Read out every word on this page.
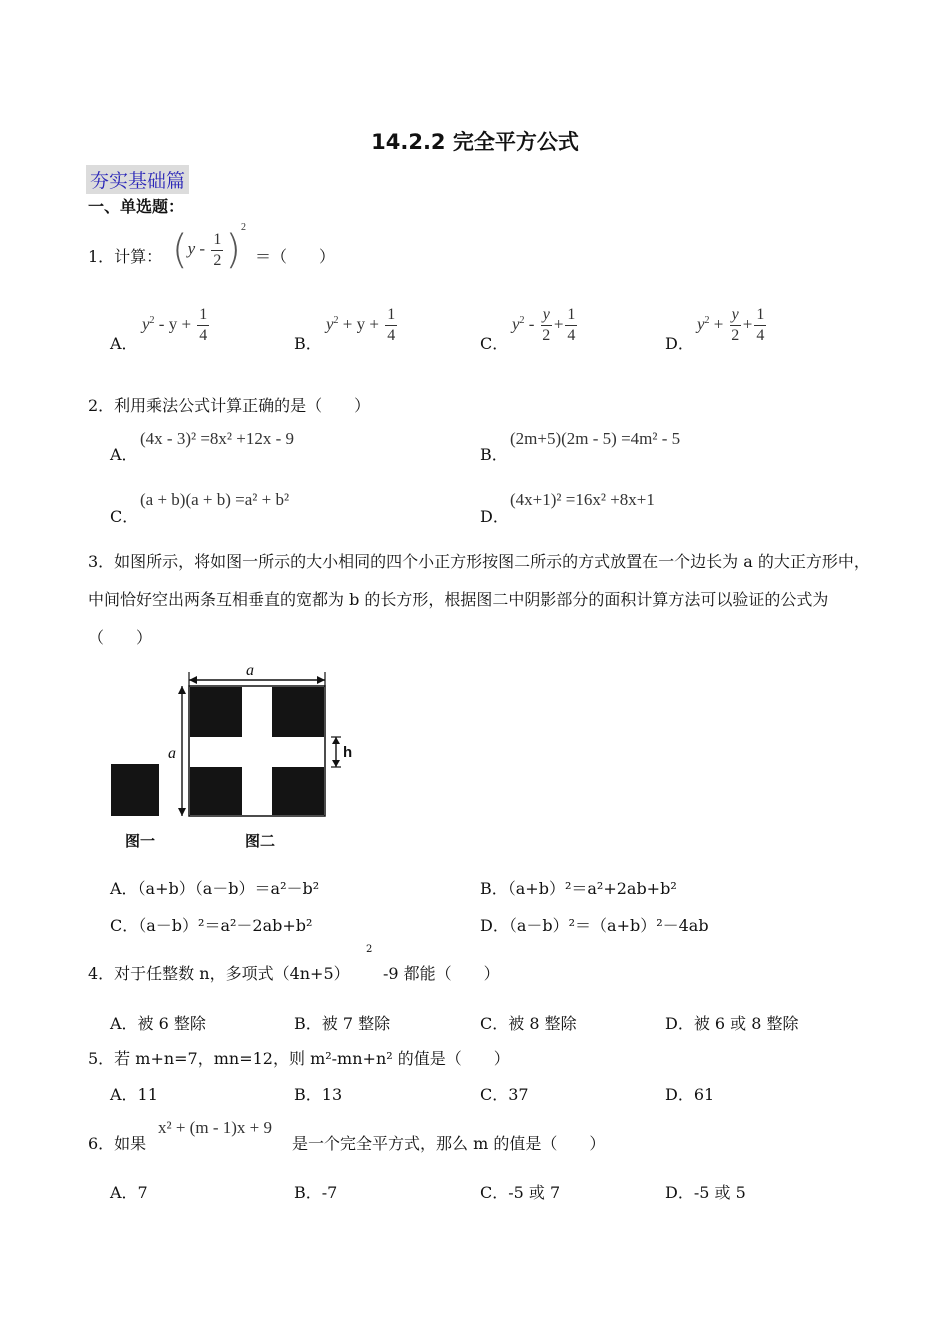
14.2.2 完全平方公式
夯实基础篇
一、单选题：
1．计算： $(y - \frac{1}{2} )^2$
＝（　　）
A．
$y^2 - y + \frac{1}{4}$	B．
$y^2 + y + \frac{1}{4}$	C．
$y^2 - \frac{y}{2} + \frac{1}{4}$	D．
$y^2 + \frac{y}{2} + \frac{1}{4}$
2．利用乘法公式计算正确的是（　　）
A．
(4x - 3)² =8x² +12x - 9
B．
(2m+5)(2m - 5) =4m² - 5
C．
(a + b)(a + b) =a² + b²
D．
(4x+1)² =16x² +8x+1
3．如图所示，将如图一所示的大小相同的四个小正方形按图二所示的方式放置在一个边长为 a 的大正方形中，中间恰好空出两条互相垂直的宽都为 b 的长方形，根据图二中阴影部分的面积计算方法可以验证的公式为（　　）
a
a	h
图一	图二
A．（a+b）（a－b）＝a²－b²	B．（a+b）²＝a²+2ab+b²
C．（a－b）²＝a²－2ab+b²	D．（a－b）²＝（a+b）²－4ab
4．对于任整数 n，多项式（4n+5）
2
-9 都能（　　）
A．被 6 整除	B．被 7 整除	C．被 8 整除	D．被 6 或 8 整除
5．若 m+n=7，mn=12，则 m²-mn+n² 的值是（　　）
A．11	B．13	C．37	D．61
6．如果
x² + (m - 1)x + 9
是一个完全平方式，那么 m 的值是（　　）
A．7	B．-7	C．-5 或 7	D．-5 或 5
